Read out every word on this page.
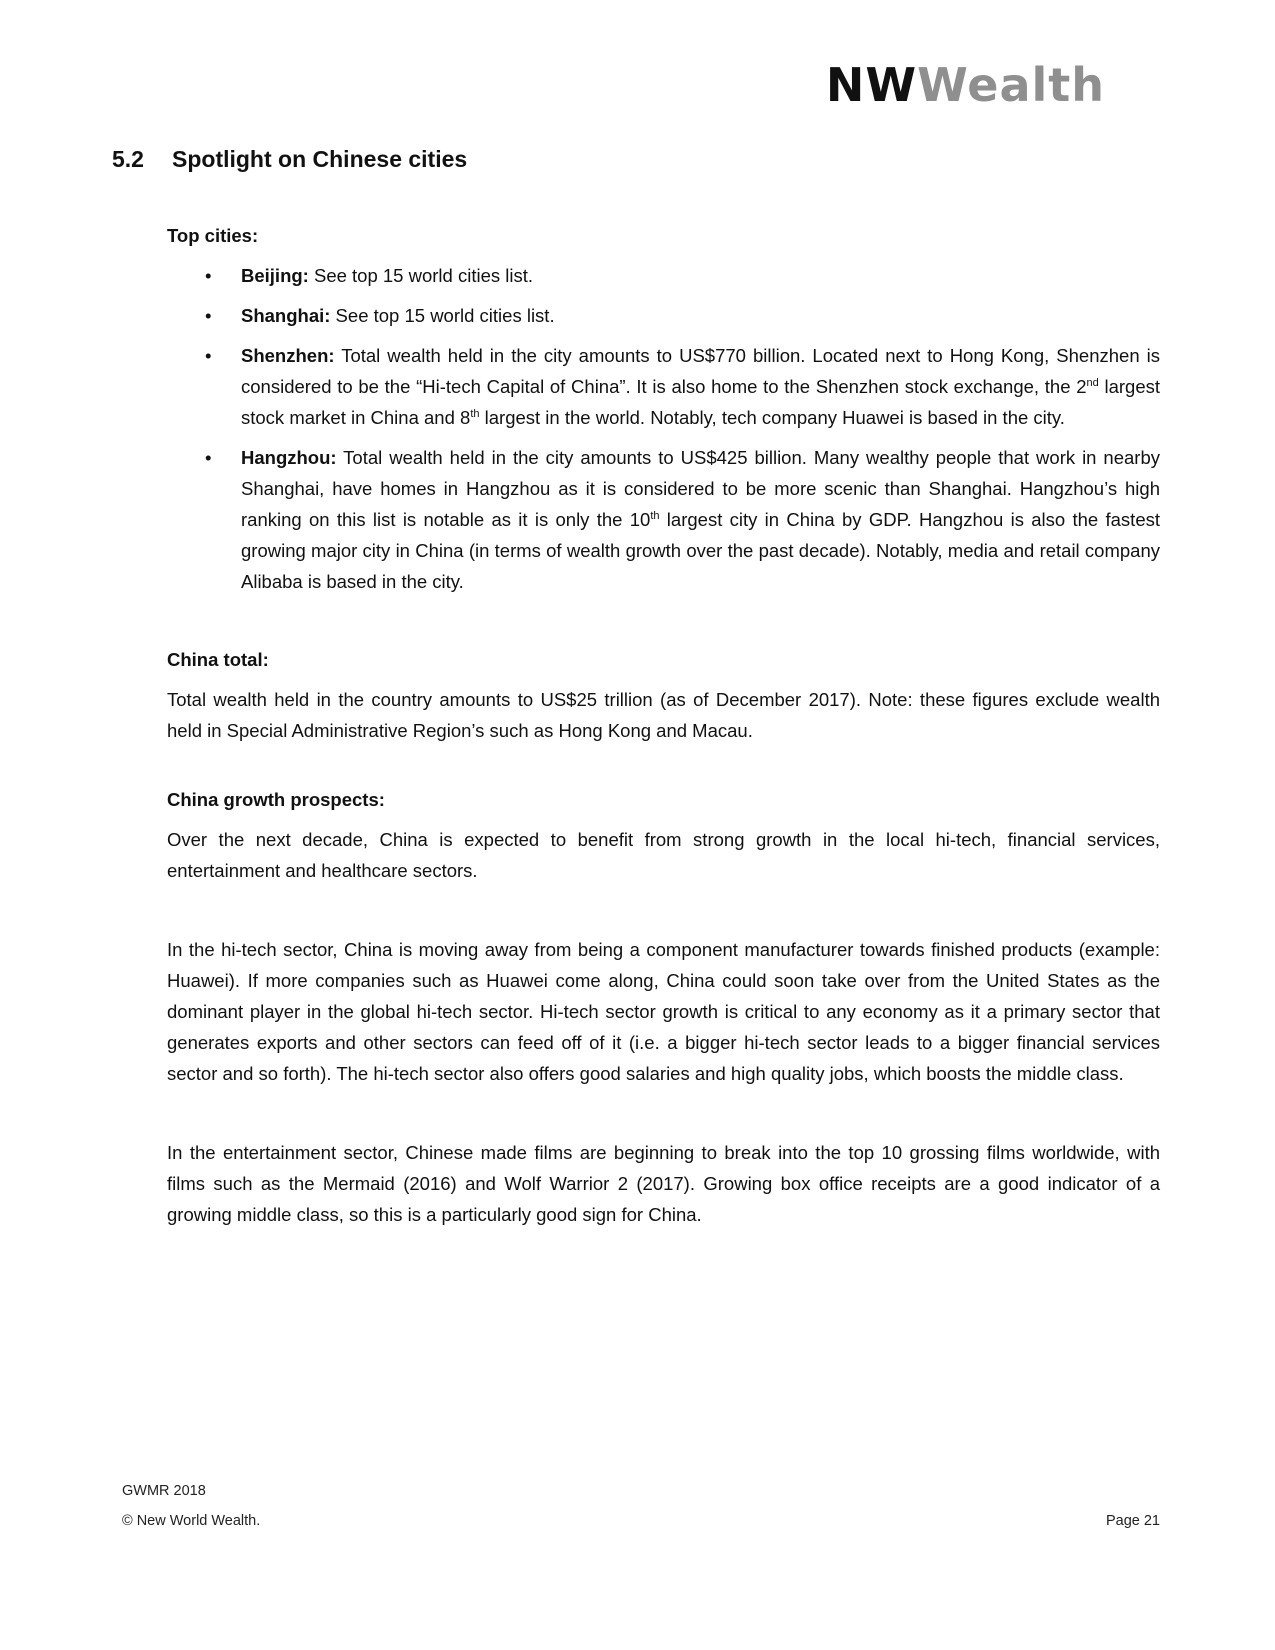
NWWealth
5.2 Spotlight on Chinese cities
Top cities:
• Beijing: See top 15 world cities list.
• Shanghai: See top 15 world cities list.
• Shenzhen: Total wealth held in the city amounts to US$770 billion. Located next to Hong Kong, Shenzhen is considered to be the “Hi-tech Capital of China”. It is also home to the Shenzhen stock exchange, the 2nd largest stock market in China and 8th largest in the world. Notably, tech company Huawei is based in the city.
• Hangzhou: Total wealth held in the city amounts to US$425 billion. Many wealthy people that work in nearby Shanghai, have homes in Hangzhou as it is considered to be more scenic than Shanghai. Hangzhou’s high ranking on this list is notable as it is only the 10th largest city in China by GDP. Hangzhou is also the fastest growing major city in China (in terms of wealth growth over the past decade). Notably, media and retail company Alibaba is based in the city.
China total:

Total wealth held in the country amounts to US$25 trillion (as of December 2017). Note: these figures exclude wealth held in Special Administrative Region’s such as Hong Kong and Macau.

China growth prospects:

Over the next decade, China is expected to benefit from strong growth in the local hi-tech, financial services, entertainment and healthcare sectors.

In the hi-tech sector, China is moving away from being a component manufacturer towards finished products (example: Huawei). If more companies such as Huawei come along, China could soon take over from the United States as the dominant player in the global hi-tech sector. Hi-tech sector growth is critical to any economy as it a primary sector that generates exports and other sectors can feed off of it (i.e. a bigger hi-tech sector leads to a bigger financial services sector and so forth). The hi-tech sector also offers good salaries and high quality jobs, which boosts the middle class.

In the entertainment sector, Chinese made films are beginning to break into the top 10 grossing films worldwide, with films such as the Mermaid (2016) and Wolf Warrior 2 (2017). Growing box office receipts are a good indicator of a growing middle class, so this is a particularly good sign for China.

GWMR 2018
© New World Wealth.	Page 21
